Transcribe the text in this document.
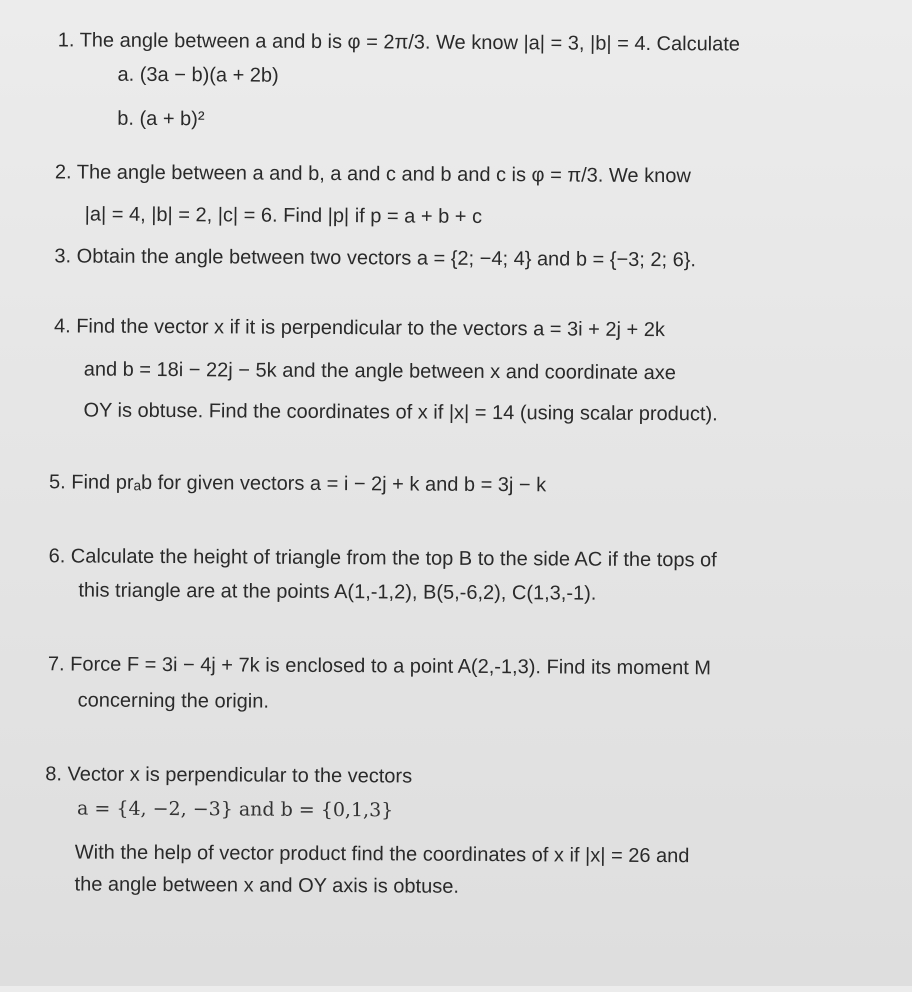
1. The angle between a and b is φ = 2π/3. We know |a| = 3, |b| = 4. Calculate
a. (3a − b)(a + 2b)
b. (a + b)²
2. The angle between a and b, a and c and b and c is φ = π/3. We know
|a| = 4, |b| = 2, |c| = 6. Find |p| if p = a + b + c
3. Obtain the angle between two vectors a = {2; −4; 4} and b = {−3; 2; 6}.
4. Find the vector x if it is perpendicular to the vectors a = 3i + 2j + 2k
and b = 18i − 22j − 5k and the angle between x and coordinate axe
OY is obtuse. Find the coordinates of x if |x| = 14 (using scalar product).
5. Find prₐb for given vectors a = i − 2j + k and b = 3j − k
6. Calculate the height of triangle from the top B to the side AC if the tops of
this triangle are at the points A(1,-1,2), B(5,-6,2), C(1,3,-1).
7. Force F = 3i − 4j + 7k is enclosed to a point A(2,-1,3). Find its moment M
concerning the origin.
8. Vector x is perpendicular to the vectors
a = {4, −2, −3} and b = {0,1,3}
With the help of vector product find the coordinates of x if |x| = 26 and
the angle between x and OY axis is obtuse.
